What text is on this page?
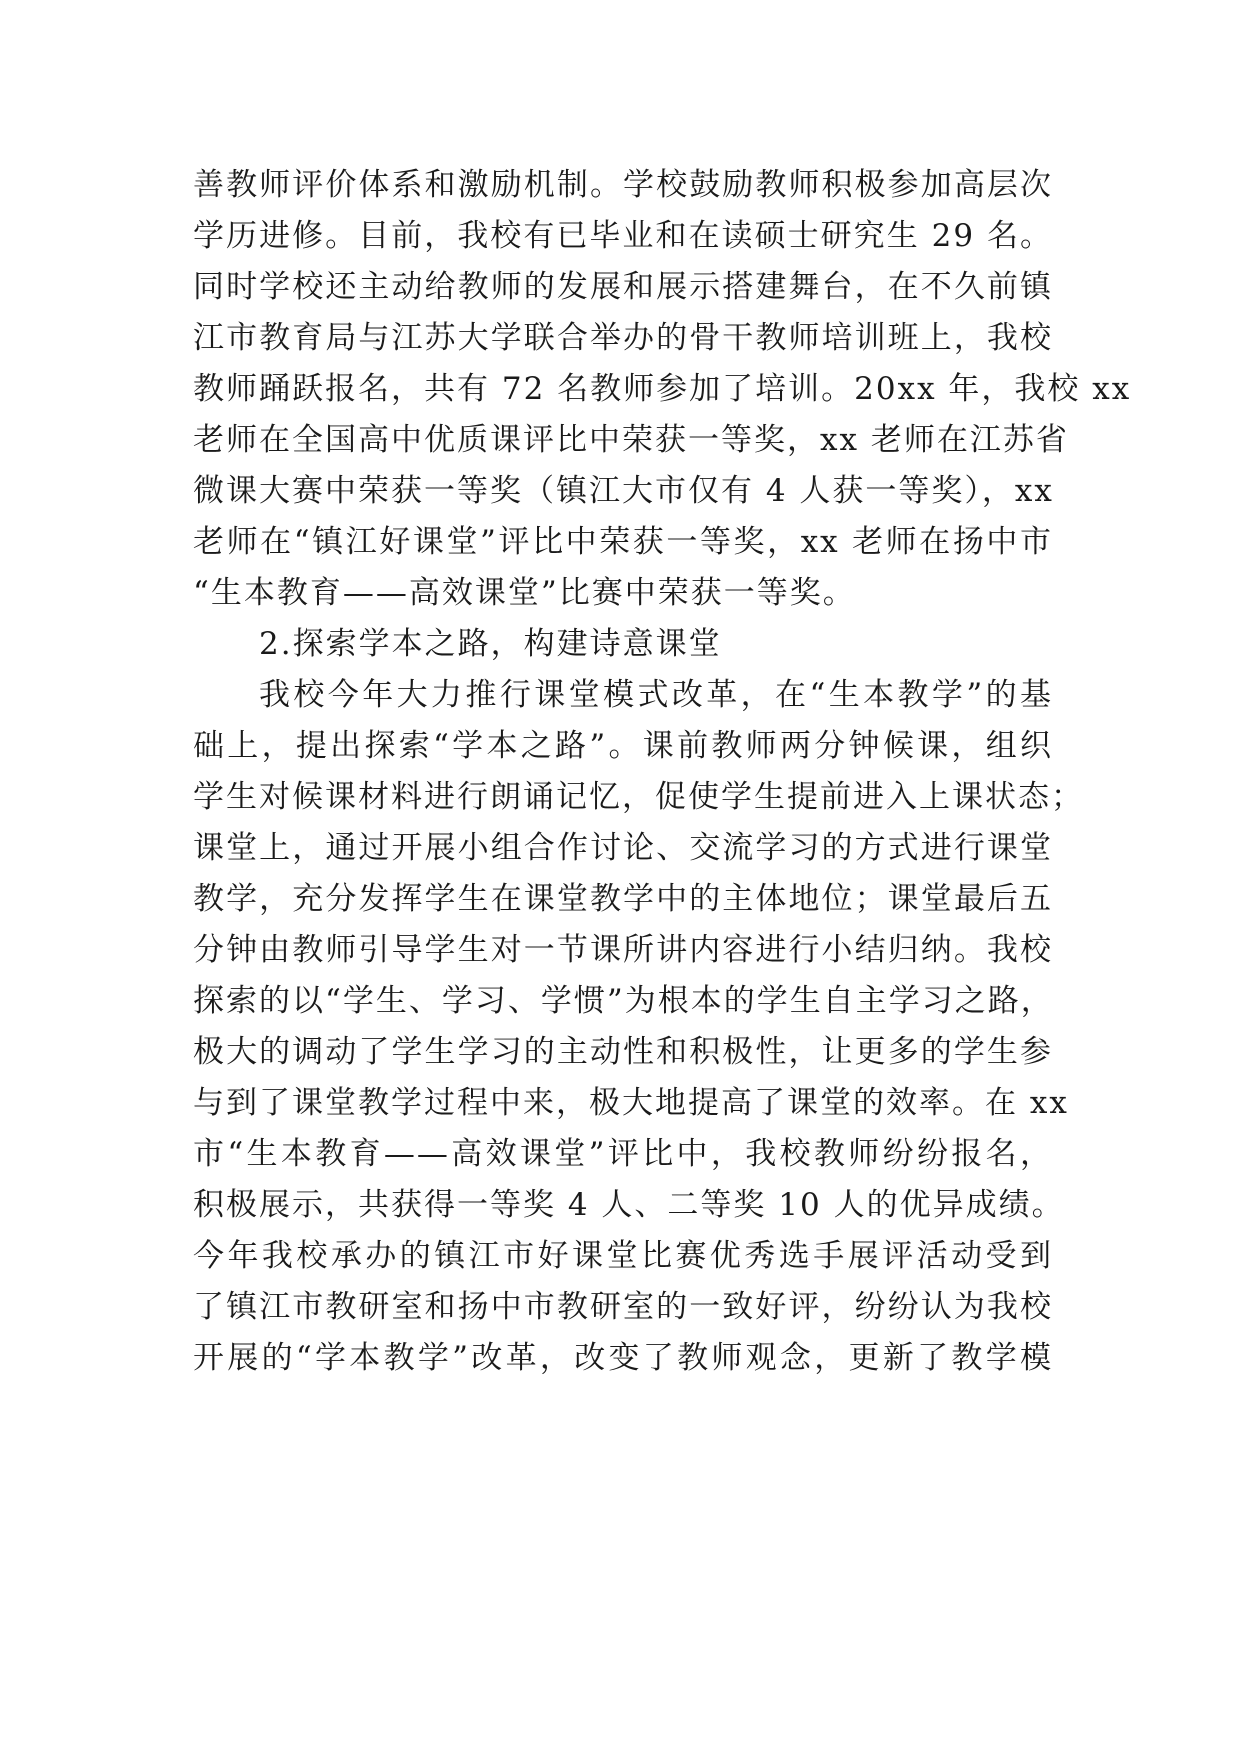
善教师评价体系和激励机制。学校鼓励教师积极参加高层次
学历进修。目前，我校有已毕业和在读硕士研究生 29 名。
同时学校还主动给教师的发展和展示搭建舞台，在不久前镇
江市教育局与江苏大学联合举办的骨干教师培训班上，我校
教师踊跃报名，共有 72 名教师参加了培训。20xx 年，我校 xx
老师在全国高中优质课评比中荣获一等奖，xx 老师在江苏省
微课大赛中荣获一等奖（镇江大市仅有 4 人获一等奖），xx
老师在“镇江好课堂”评比中荣获一等奖，xx 老师在扬中市
“生本教育——高效课堂”比赛中荣获一等奖。
2.探索学本之路，构建诗意课堂
我校今年大力推行课堂模式改革，在“生本教学”的基
础上，提出探索“学本之路”。课前教师两分钟候课，组织
学生对候课材料进行朗诵记忆，促使学生提前进入上课状态；
课堂上，通过开展小组合作讨论、交流学习的方式进行课堂
教学，充分发挥学生在课堂教学中的主体地位；课堂最后五
分钟由教师引导学生对一节课所讲内容进行小结归纳。我校
探索的以“学生、学习、学惯”为根本的学生自主学习之路，
极大的调动了学生学习的主动性和积极性，让更多的学生参
与到了课堂教学过程中来，极大地提高了课堂的效率。在 xx
市“生本教育——高效课堂”评比中，我校教师纷纷报名，
积极展示，共获得一等奖 4 人、二等奖 10 人的优异成绩。
今年我校承办的镇江市好课堂比赛优秀选手展评活动受到
了镇江市教研室和扬中市教研室的一致好评，纷纷认为我校
开展的“学本教学”改革，改变了教师观念，更新了教学模
